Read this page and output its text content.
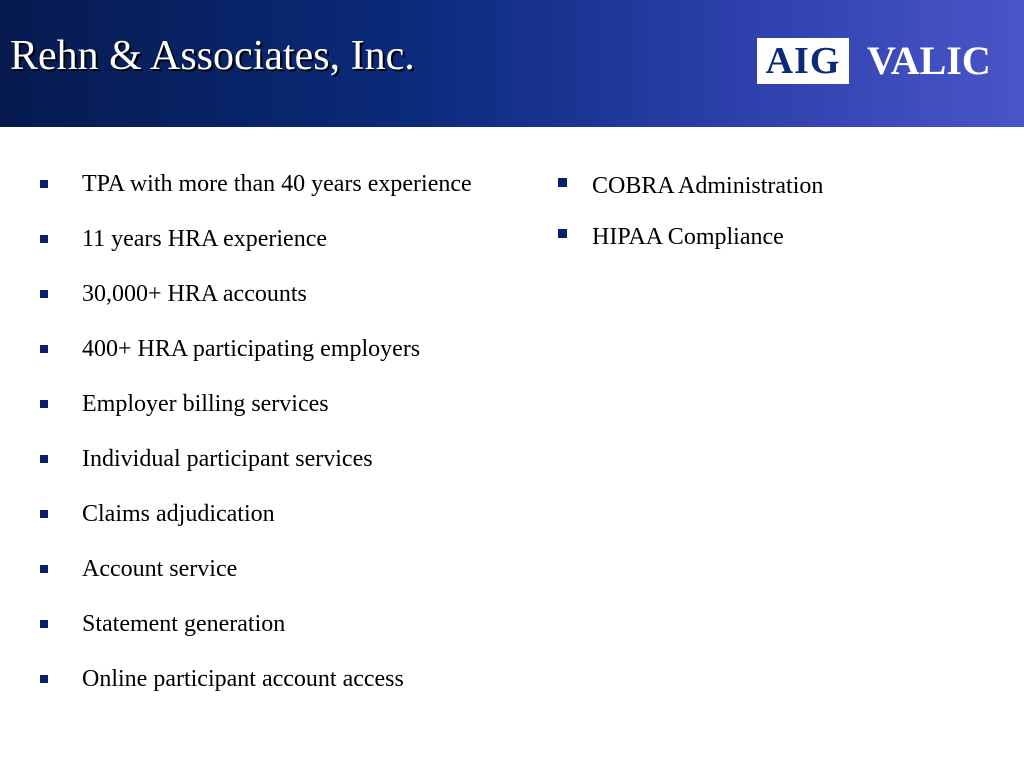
Rehn & Associates, Inc.	AIG VALIC
TPA with more than 40 years experience
11 years HRA experience
30,000+ HRA accounts
400+ HRA participating employers
Employer billing services
Individual participant services
Claims adjudication
Account service
Statement generation
Online participant account access
COBRA Administration
HIPAA Compliance
